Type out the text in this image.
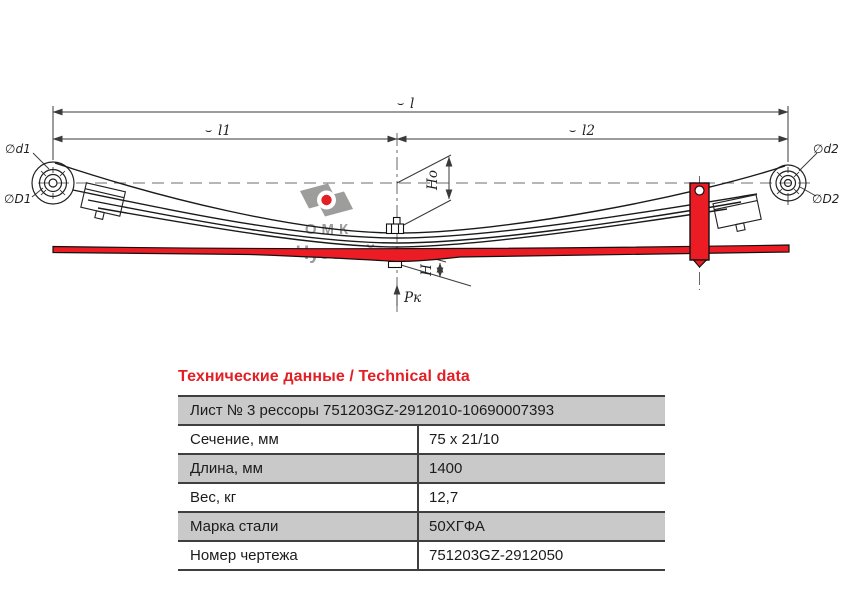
ОМК
⌣ l
⌣ l1	⌣ l2
∅d1
∅D1
∅d2
∅D2
Но
Н
Рк
Технические данные / Technical data
Лист № 3 рессоры 751203GZ-2912010-10690007393
Сечение, мм	75 x 21/10
Длина, мм	1400
Вес, кг	12,7
Марка стали	50ХГФА
Номер чертежа	751203GZ-2912050
